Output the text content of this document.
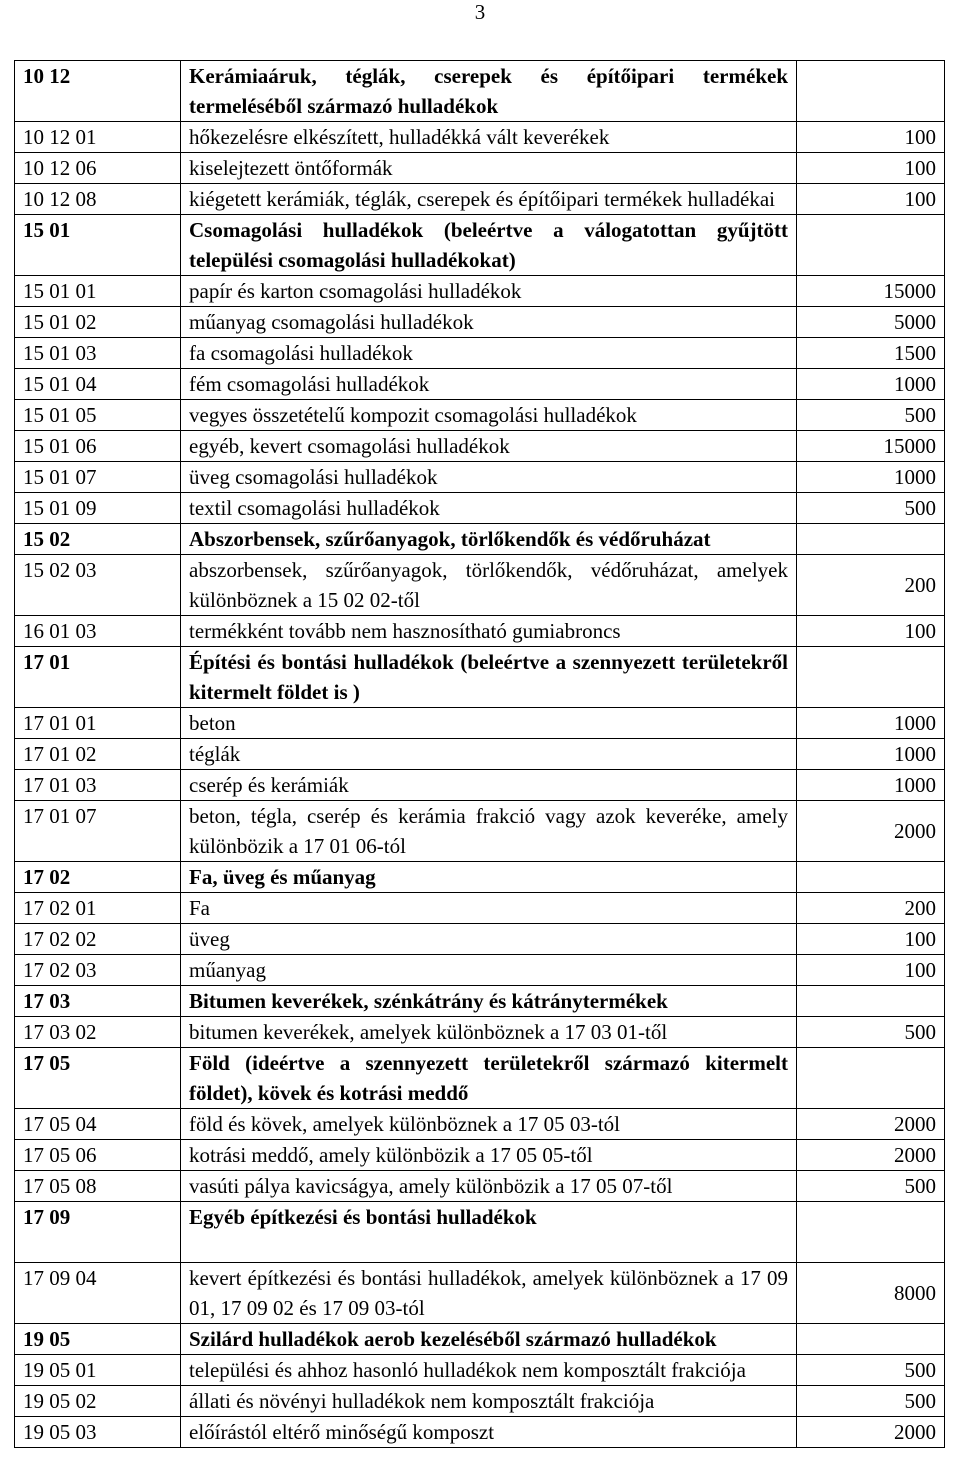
3
10 12	Kerámiaáruk, téglák, cserepek és építőipari termékek termeléséből származó hulladékok	
10 12 01	hőkezelésre elkészített, hulladékká vált keverékek	100
10 12 06	kiselejtezett öntőformák	100
10 12 08	kiégetett kerámiák, téglák, cserepek és építőipari termékek hulladékai	100
15 01	Csomagolási hulladékok (beleértve a válogatottan gyűjtött települési csomagolási hulladékokat)	
15 01 01	papír és karton csomagolási hulladékok	15000
15 01 02	műanyag csomagolási hulladékok	5000
15 01 03	fa csomagolási hulladékok	1500
15 01 04	fém csomagolási hulladékok	1000
15 01 05	vegyes összetételű kompozit csomagolási hulladékok	500
15 01 06	egyéb, kevert csomagolási hulladékok	15000
15 01 07	üveg csomagolási hulladékok	1000
15 01 09	textil csomagolási hulladékok	500
15 02	Abszorbensek, szűrőanyagok, törlőkendők és védőruházat	
15 02 03	abszorbensek, szűrőanyagok, törlőkendők, védőruházat, amelyek különböznek a 15 02 02-től	200
16 01 03	termékként tovább nem hasznosítható gumiabroncs	100
17 01	Építési és bontási hulladékok (beleértve a szennyezett területekről kitermelt földet is )	
17 01 01	beton	1000
17 01 02	téglák	1000
17 01 03	cserép és kerámiák	1000
17 01 07	beton, tégla, cserép és kerámia frakció vagy azok keveréke, amely különbözik a 17 01 06-tól	2000
17 02	Fa, üveg és műanyag	
17 02 01	Fa	200
17 02 02	üveg	100
17 02 03	műanyag	100
17 03	Bitumen keverékek, szénkátrány és kátránytermékek	
17 03 02	bitumen keverékek, amelyek különböznek a 17 03 01-től	500
17 05	Föld (ideértve a szennyezett területekről származó kitermelt földet), kövek és kotrási meddő	
17 05 04	föld és kövek, amelyek különböznek a 17 05 03-tól	2000
17 05 06	kotrási meddő, amely különbözik a 17 05 05-től	2000
17 05 08	vasúti pálya kavicságya, amely különbözik a 17 05 07-től	500
17 09	Egyéb építkezési és bontási hulladékok	
17 09 04	kevert építkezési és bontási hulladékok, amelyek különböznek a 17 09 01, 17 09 02 és 17 09 03-tól	8000
19 05	Szilárd hulladékok aerob kezeléséből származó hulladékok	
19 05 01	települési és ahhoz hasonló hulladékok nem komposztált frakciója	500
19 05 02	állati és növényi hulladékok nem komposztált frakciója	500
19 05 03	előírástól eltérő minőségű komposzt	2000
